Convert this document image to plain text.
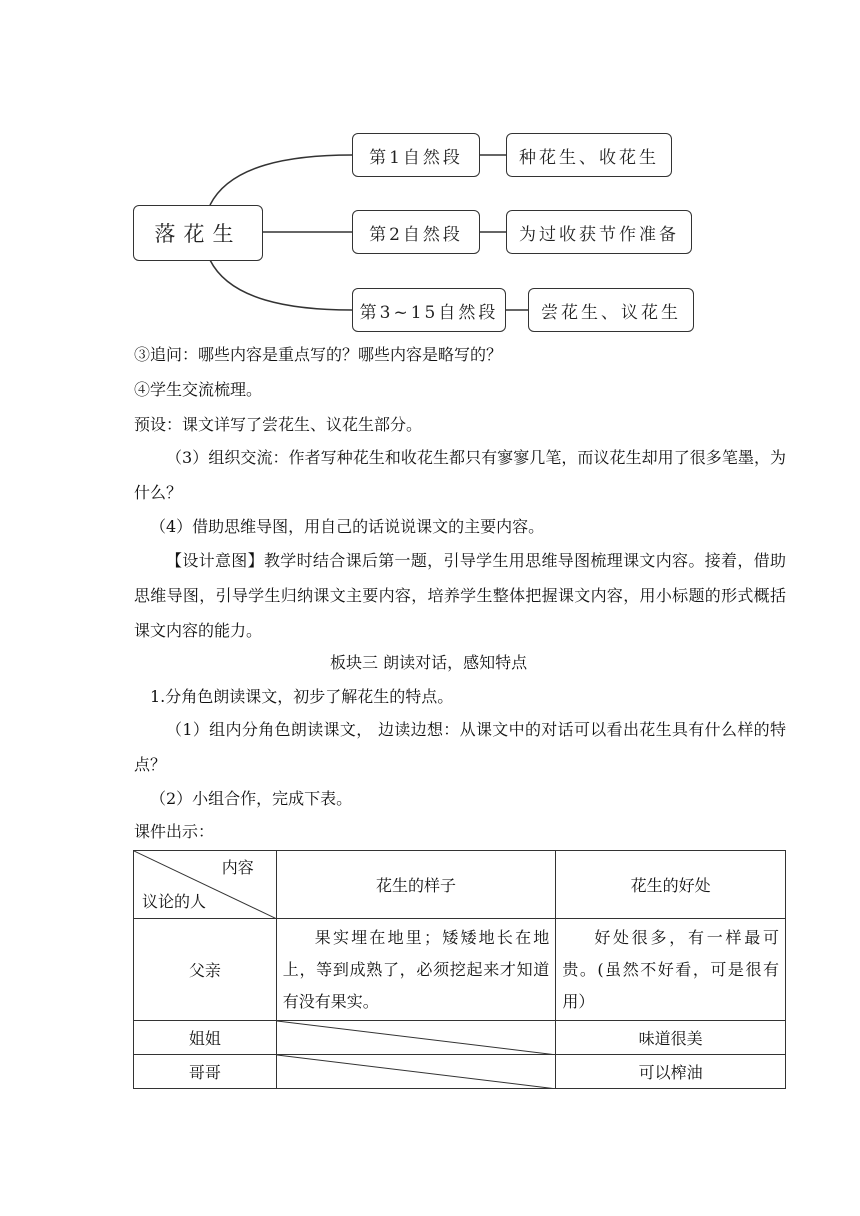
落花生
第1自然段	种花生、收花生
第2自然段	为过收获节作准备
第3~15自然段	尝花生、议花生
③追问：哪些内容是重点写的？哪些内容是略写的？
④学生交流梳理。
预设：课文详写了尝花生、议花生部分。
（3）组织交流：作者写种花生和收花生都只有寥寥几笔，而议花生却用了很多笔墨，为什么？
（4）借助思维导图，用自己的话说说课文的主要内容。
【设计意图】教学时结合课后第一题，引导学生用思维导图梳理课文内容。接着，借助思维导图，引导学生归纳课文主要内容，培养学生整体把握课文内容，用小标题的形式概括课文内容的能力。
板块三 朗读对话，感知特点
1.分角色朗读课文，初步了解花生的特点。
（1）组内分角色朗读课文， 边读边想：从课文中的对话可以看出花生具有什么样的特点？
（2）小组合作，完成下表。
课件出示：
内容
议论的人	花生的样子	花生的好处
父亲	果实埋在地里；矮矮地长在地上，等到成熟了，必须挖起来才知道有没有果实。	好处很多，有一样最可贵。(虽然不好看，可是很有用）
姐姐		味道很美
哥哥		可以榨油
